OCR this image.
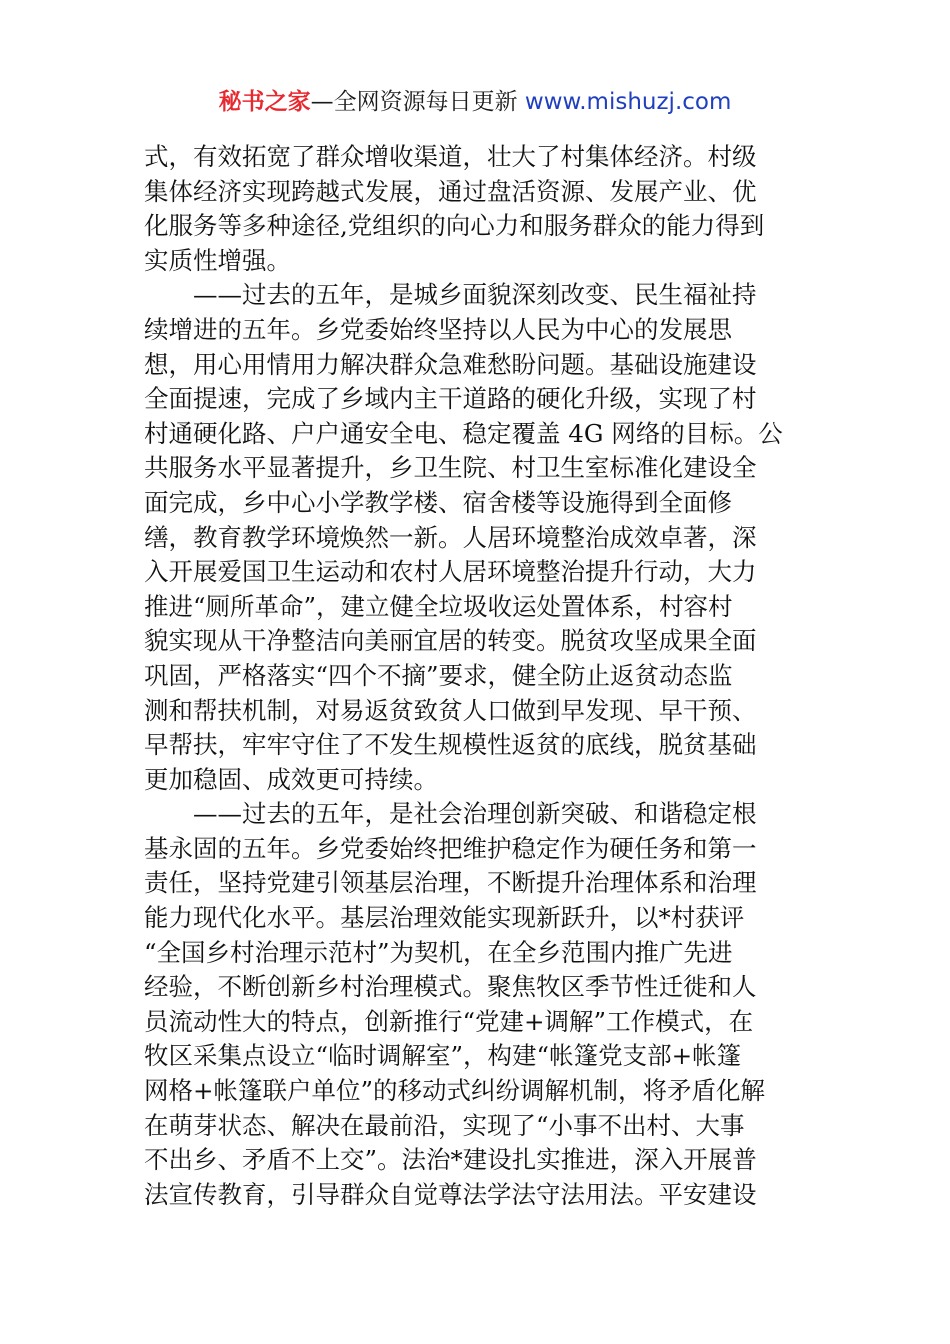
秘书之家—全网资源每日更新 www.mishuzj.com
式，有效拓宽了群众增收渠道，壮大了村集体经济。村级
集体经济实现跨越式发展，通过盘活资源、发展产业、优
化服务等多种途径,党组织的向心力和服务群众的能力得到
实质性增强。
　　——过去的五年，是城乡面貌深刻改变、民生福祉持
续增进的五年。乡党委始终坚持以人民为中心的发展思
想，用心用情用力解决群众急难愁盼问题。基础设施建设
全面提速，完成了乡域内主干道路的硬化升级，实现了村
村通硬化路、户户通安全电、稳定覆盖 4G 网络的目标。公
共服务水平显著提升，乡卫生院、村卫生室标准化建设全
面完成，乡中心小学教学楼、宿舍楼等设施得到全面修
缮，教育教学环境焕然一新。人居环境整治成效卓著，深
入开展爱国卫生运动和农村人居环境整治提升行动，大力
推进“厕所革命”，建立健全垃圾收运处置体系，村容村
貌实现从干净整洁向美丽宜居的转变。脱贫攻坚成果全面
巩固，严格落实“四个不摘”要求，健全防止返贫动态监
测和帮扶机制，对易返贫致贫人口做到早发现、早干预、
早帮扶，牢牢守住了不发生规模性返贫的底线，脱贫基础
更加稳固、成效更可持续。
　　——过去的五年，是社会治理创新突破、和谐稳定根
基永固的五年。乡党委始终把维护稳定作为硬任务和第一
责任，坚持党建引领基层治理，不断提升治理体系和治理
能力现代化水平。基层治理效能实现新跃升，以*村获评
“全国乡村治理示范村”为契机，在全乡范围内推广先进
经验，不断创新乡村治理模式。聚焦牧区季节性迁徙和人
员流动性大的特点，创新推行“党建+调解”工作模式，在
牧区采集点设立“临时调解室”，构建“帐篷党支部+帐篷
网格+帐篷联户单位”的移动式纠纷调解机制，将矛盾化解
在萌芽状态、解决在最前沿，实现了“小事不出村、大事
不出乡、矛盾不上交”。法治*建设扎实推进，深入开展普
法宣传教育，引导群众自觉尊法学法守法用法。平安建设
